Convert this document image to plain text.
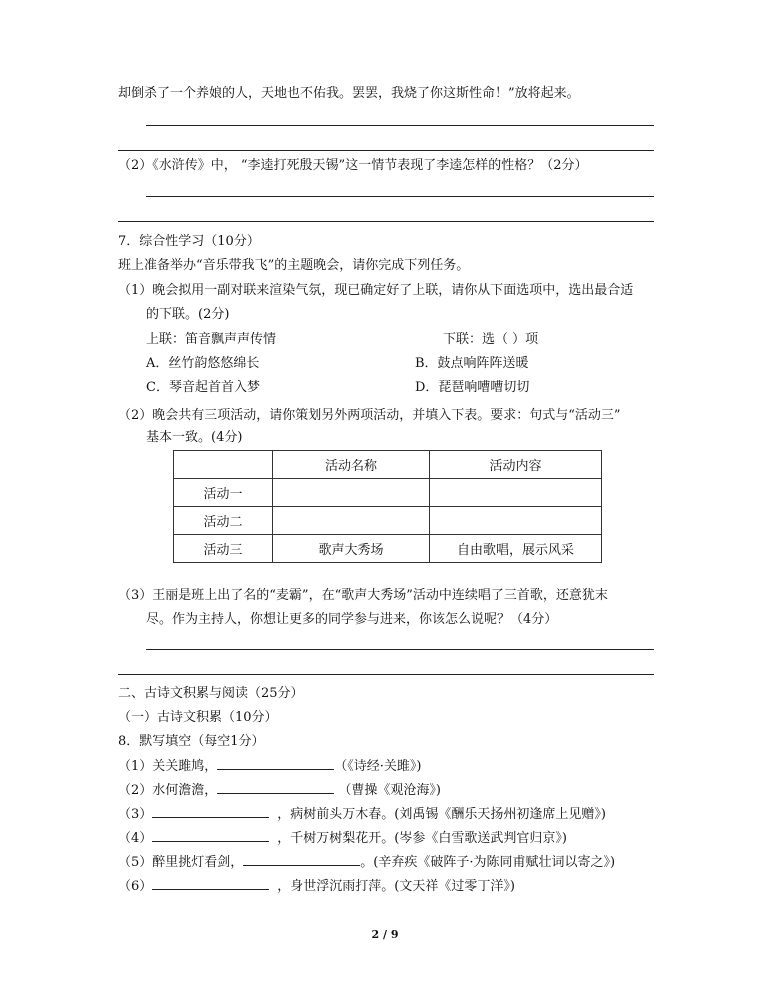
却倒杀了一个养娘的人，天地也不佑我。罢罢，我烧了你这斯性命！”放将起来。
（2）《水浒传》中， “李逵打死殷天锡”这一情节表现了李逵怎样的性格？（2分）
7．综合性学习（10分）
班上准备举办“音乐带我飞”的主题晚会，请你完成下列任务。
（1）晚会拟用一副对联来渲染气氛，现已确定好了上联，请你从下面选项中，选出最合适
的下联。(2分)
上联：笛音飘声声传情	下联：选（ ）项
A．丝竹韵悠悠绵长	B．鼓点响阵阵送暖
C．琴音起首首入梦	D．琵琶响嘈嘈切切
（2）晚会共有三项活动，请你策划另外两项活动，并填入下表。要求：句式与“活动三”
	活动名称	活动内容
活动一		
活动二		
活动三	歌声大秀场	自由歌唱，展示风采
（3）王丽是班上出了名的“麦霸”，在“歌声大秀场”活动中连续唱了三首歌，还意犹末
尽。作为主持人，你想让更多的同学参与进来，你该怎么说呢？（4分）
二、古诗文积累与阅读（25分）
（一）古诗文积累（10分）
8．默写填空（每空1分）
（1）关关雎鸠，	（《诗经·关雎》)
（2）水何澹澹，	（曹操《观沧海》)
（3）	，病树前头万木春。(刘禹锡《酬乐天扬州初逢席上见赠》)
（4）	，千树万树梨花开。(岑参《白雪歌送武判官归京》)
（5）醉里挑灯看剑，	。(辛弃疾《破阵子·为陈同甫赋壮词以寄之》)
（6）	，身世浮沉雨打萍。(文天祥《过零丁洋》)
2 / 9
基本一致。(4分)
